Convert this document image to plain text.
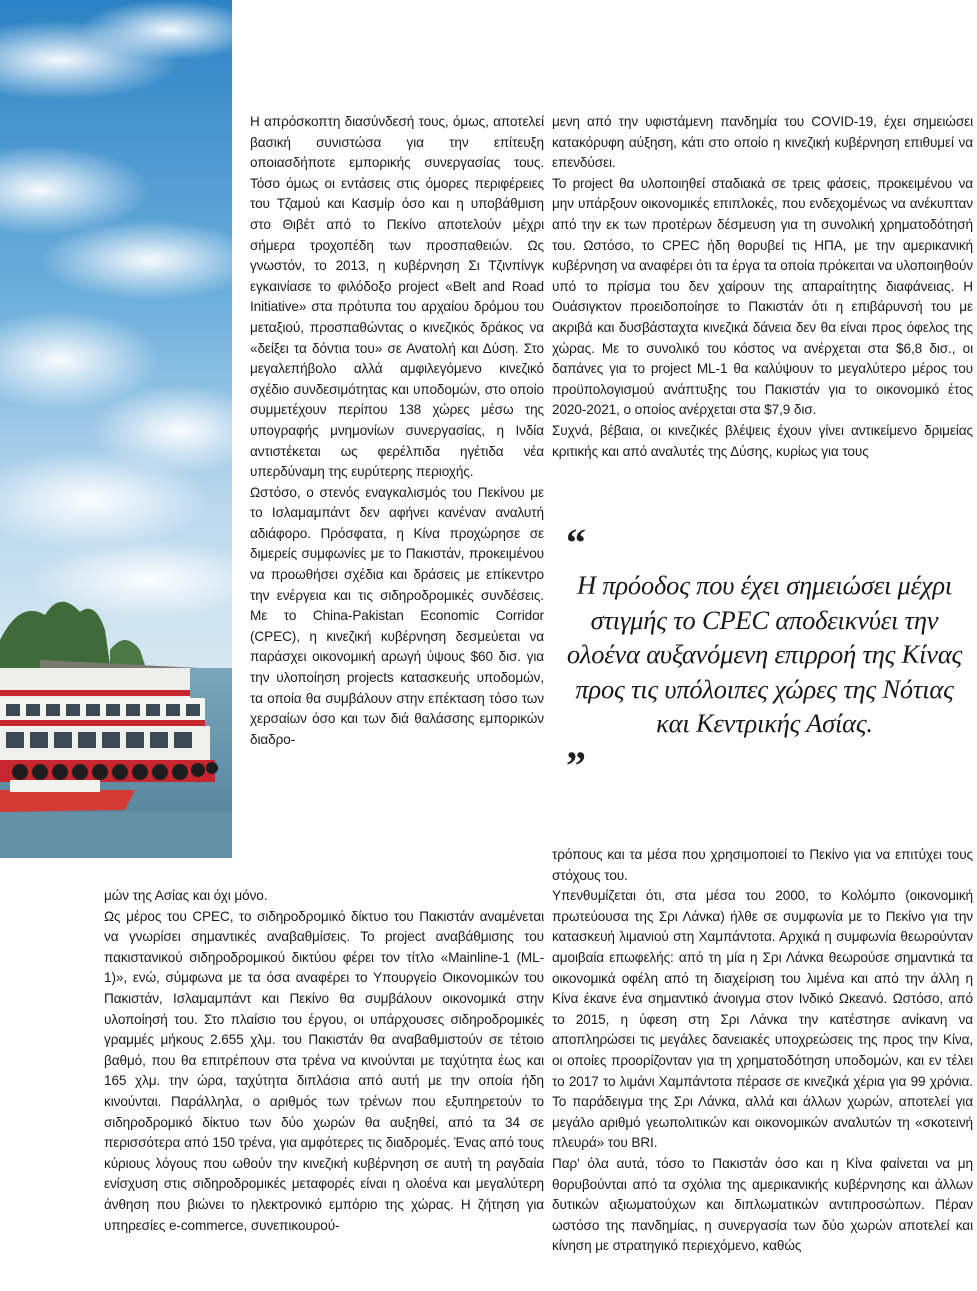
Η απρόσκοπτη διασύνδεσή τους, όμως, αποτελεί βασική συνιστώσα για την επίτευξη οποιασδήποτε εμπορικής συνεργασίας τους. Τόσο όμως οι εντάσεις στις όμορες περιφέρειες του Τζαμού και Κασμίρ όσο και η υποβάθμιση στο Θιβέτ από το Πεκίνο αποτελούν μέχρι σήμερα τροχοπέδη των προσπαθειών. Ως γνωστόν, το 2013, η κυβέρνηση Σι Τζινπίνγκ εγκαινίασε το φιλόδοξο project «Belt and Road Initiative» στα πρότυπα του αρχαίου δρόμου του μεταξιού, προσπαθώντας ο κινεζικός δράκος να «δείξει τα δόντια του» σε Ανατολή και Δύση. Στο μεγαλεπήβολο αλλά αμφιλεγόμενο κινεζικό σχέδιο συνδεσιμότητας και υποδομών, στο οποίο συμμετέχουν περίπου 138 χώρες μέσω της υπογραφής μνημονίων συνεργασίας, η Ινδία αντιστέκεται ως φερέλπιδα ηγέτιδα νέα υπερδύναμη της ευρύτερης περιοχής.

Ωστόσο, ο στενός εναγκαλισμός του Πεκίνου με το Ισλαμαμπάντ δεν αφήνει κανέναν αναλυτή αδιάφορο. Πρόσφατα, η Κίνα προχώρησε σε διμερείς συμφωνίες με το Πακιστάν, προκειμένου να προωθήσει σχέδια και δράσεις με επίκεντρο την ενέργεια και τις σιδηροδρομικές συνδέσεις. Με το China-Pakistan Economic Corridor (CPEC), η κινεζική κυβέρνηση δεσμεύεται να παράσχει οικονομική αρωγή ύψους $60 δισ. για την υλοποίηση projects κατασκευής υποδομών, τα οποία θα συμβάλουν στην επέκταση τόσο των χερσαίων όσο και των διά θαλάσσης εμπορικών διαδρο-

μών της Ασίας και όχι μόνο.

Ως μέρος του CPEC, το σιδηροδρομικό δίκτυο του Πακιστάν αναμένεται να γνωρίσει σημαντικές αναβαθμίσεις. Το project αναβάθμισης του πακιστανικού σιδηροδρομικού δικτύου φέρει τον τίτλο «Mainline-1 (ML-1)», ενώ, σύμφωνα με τα όσα αναφέρει το Υπουργείο Οικονομικών του Πακιστάν, Ισλαμαμπάντ και Πεκίνο θα συμβάλουν οικονομικά στην υλοποίησή του. Στο πλαίσιο του έργου, οι υπάρχουσες σιδηροδρομικές γραμμές μήκους 2.655 χλμ. του Πακιστάν θα αναβαθμιστούν σε τέτοιο βαθμό, που θα επιτρέπουν στα τρένα να κινούνται με ταχύτητα έως και 165 χλμ. την ώρα, ταχύτητα διπλάσια από αυτή με την οποία ήδη κινούνται. Παράλληλα, ο αριθμός των τρένων που εξυπηρετούν το σιδηροδρομικό δίκτυο των δύο χωρών θα αυξηθεί, από τα 34 σε περισσότερα από 150 τρένα, για αμφότερες τις διαδρομές. Ένας από τους κύριους λόγους που ωθούν την κινεζική κυβέρνηση σε αυτή τη ραγδαία ενίσχυση στις σιδηροδρομικές μεταφορές είναι η ολοένα και μεγαλύτερη άνθηση που βιώνει το ηλεκτρονικό εμπόριο της χώρας. Η ζήτηση για υπηρεσίες e-commerce, συνεπικουρού-

μενη από την υφιστάμενη πανδημία του COVID-19, έχει σημειώσει κατακόρυφη αύξηση, κάτι στο οποίο η κινεζική κυβέρνηση επιθυμεί να επενδύσει.

Το project θα υλοποιηθεί σταδιακά σε τρεις φάσεις, προκειμένου να μην υπάρξουν οικονομικές επιπλοκές, που ενδεχομένως να ανέκυπταν από την εκ των προτέρων δέσμευση για τη συνολική χρηματοδότησή του. Ωστόσο, το CPEC ήδη θορυβεί τις ΗΠΑ, με την αμερικανική κυβέρνηση να αναφέρει ότι τα έργα τα οποία πρόκειται να υλοποιηθούν υπό το πρίσμα του δεν χαίρουν της απαραίτητης διαφάνειας. Η Ουάσιγκτον προειδοποίησε το Πακιστάν ότι η επιβάρυνσή του με ακριβά και δυσβάσταχτα κινεζικά δάνεια δεν θα είναι προς όφελος της χώρας. Με το συνολικό του κόστος να ανέρχεται στα $6,8 δισ., οι δαπάνες για το project ML-1 θα καλύψουν το μεγαλύτερο μέρος του προϋπολογισμού ανάπτυξης του Πακιστάν για το οικονομικό έτος 2020-2021, ο οποίος ανέρχεται στα $7,9 δισ.

Συχνά, βέβαια, οι κινεζικές βλέψεις έχουν γίνει αντικείμενο δριμείας κριτικής και από αναλυτές της Δύσης, κυρίως για τους

“
Η πρόοδος που έχει σημειώσει μέχρι στιγμής το CPEC αποδεικνύει την ολοένα αυξανόμενη επιρροή της Κίνας προς τις υπόλοιπες χώρες της Νότιας και Κεντρικής Ασίας.
”

τρόπους και τα μέσα που χρησιμοποιεί το Πεκίνο για να επιτύχει τους στόχους του.

Υπενθυμίζεται ότι, στα μέσα του 2000, το Κολόμπο (οικονομική πρωτεύουσα της Σρι Λάνκα) ήλθε σε συμφωνία με το Πεκίνο για την κατασκευή λιμανιού στη Χαμπάντοτα. Αρχικά η συμφωνία θεωρούνταν αμοιβαία επωφελής: από τη μία η Σρι Λάνκα θεωρούσε σημαντικά τα οικονομικά οφέλη από τη διαχείριση του λιμένα και από την άλλη η Κίνα έκανε ένα σημαντικό άνοιγμα στον Ινδικό Ωκεανό. Ωστόσο, από το 2015, η ύφεση στη Σρι Λάνκα την κατέστησε ανίκανη να αποπληρώσει τις μεγάλες δανειακές υποχρεώσεις της προς την Κίνα, οι οποίες προορίζονταν για τη χρηματοδότηση υποδομών, και εν τέλει το 2017 το λιμάνι Χαμπάντοτα πέρασε σε κινεζικά χέρια για 99 χρόνια. Το παράδειγμα της Σρι Λάνκα, αλλά και άλλων χωρών, αποτελεί για μεγάλο αριθμό γεωπολιτικών και οικονομικών αναλυτών τη «σκοτεινή πλευρά» του BRI.

Παρ' όλα αυτά, τόσο το Πακιστάν όσο και η Κίνα φαίνεται να μη θορυβούνται από τα σχόλια της αμερικανικής κυβέρνησης και άλλων δυτικών αξιωματούχων και διπλωματικών αντιπροσώπων. Πέραν ωστόσο της πανδημίας, η συνεργασία των δύο χωρών αποτελεί και κίνηση με στρατηγικό περιεχόμενο, καθώς
